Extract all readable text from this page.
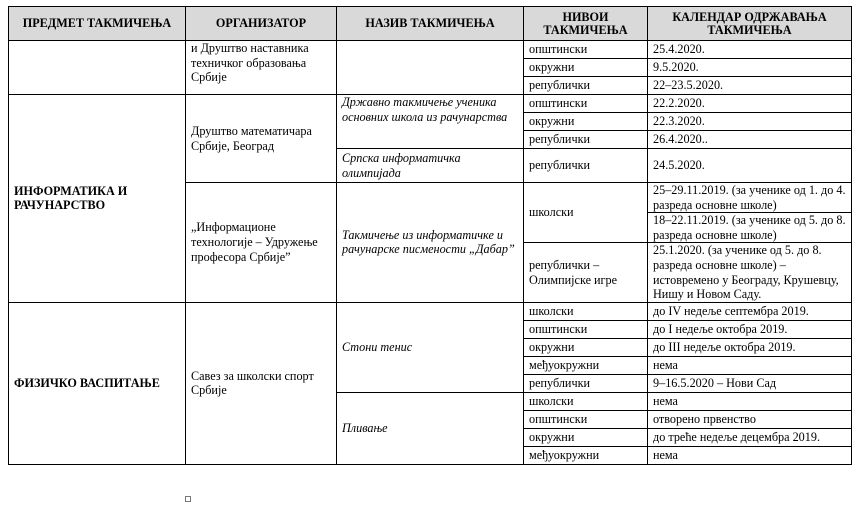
ПРЕДМЕТ ТАКМИЧЕЊА	ОРГАНИЗАТОР	НАЗИВ ТАКМИЧЕЊА	НИВОИ ТАКМИЧЕЊА	КАЛЕНДАР ОДРЖАВАЊА ТАКМИЧЕЊА
	и Друштво наставника техничког образовања Србије		општински	25.4.2020.
			окружни	9.5.2020.
			републички	22–23.5.2020.
ИНФОРМАТИКА И РАЧУНАРСТВО	Друштво математичара Србије, Београд	Државно такмичење ученика основних школа из рачунарства	општински	22.2.2020.
			окружни	22.3.2020.
			републички	26.4.2020..
		Српска информатичка олимпијада	републички	24.5.2020.
	„Информационе технологије – Удружење професора Србије”	Такмичење из информатичке и рачунарске писмености „Дабар”	школски	25–29.11.2019. (за ученике од 1. до 4. разреда основне школе)
				18–22.11.2019. (за ученике од 5. до 8. разреда основне школе)
			републички – Олимпијске игре	25.1.2020. (за ученике од 5. до 8. разреда основне школе) – истовремено у Београду, Крушевцу, Нишу и Новом Саду.

ФИЗИЧКО ВАСПИТАЊЕ	Савез за школски спорт Србије	Стони тенис	школски	до IV недеље септембра 2019.
			општински	до I недеље октобра 2019.
			окружни	до III недеље октобра 2019.
			међуокружни	нема
			републички	9–16.5.2020 – Нови Сад
		Пливање	школски	нема
			општински	отворено првенство
			окружни	до треће недеље децембра 2019.
			међуокружни	нема
